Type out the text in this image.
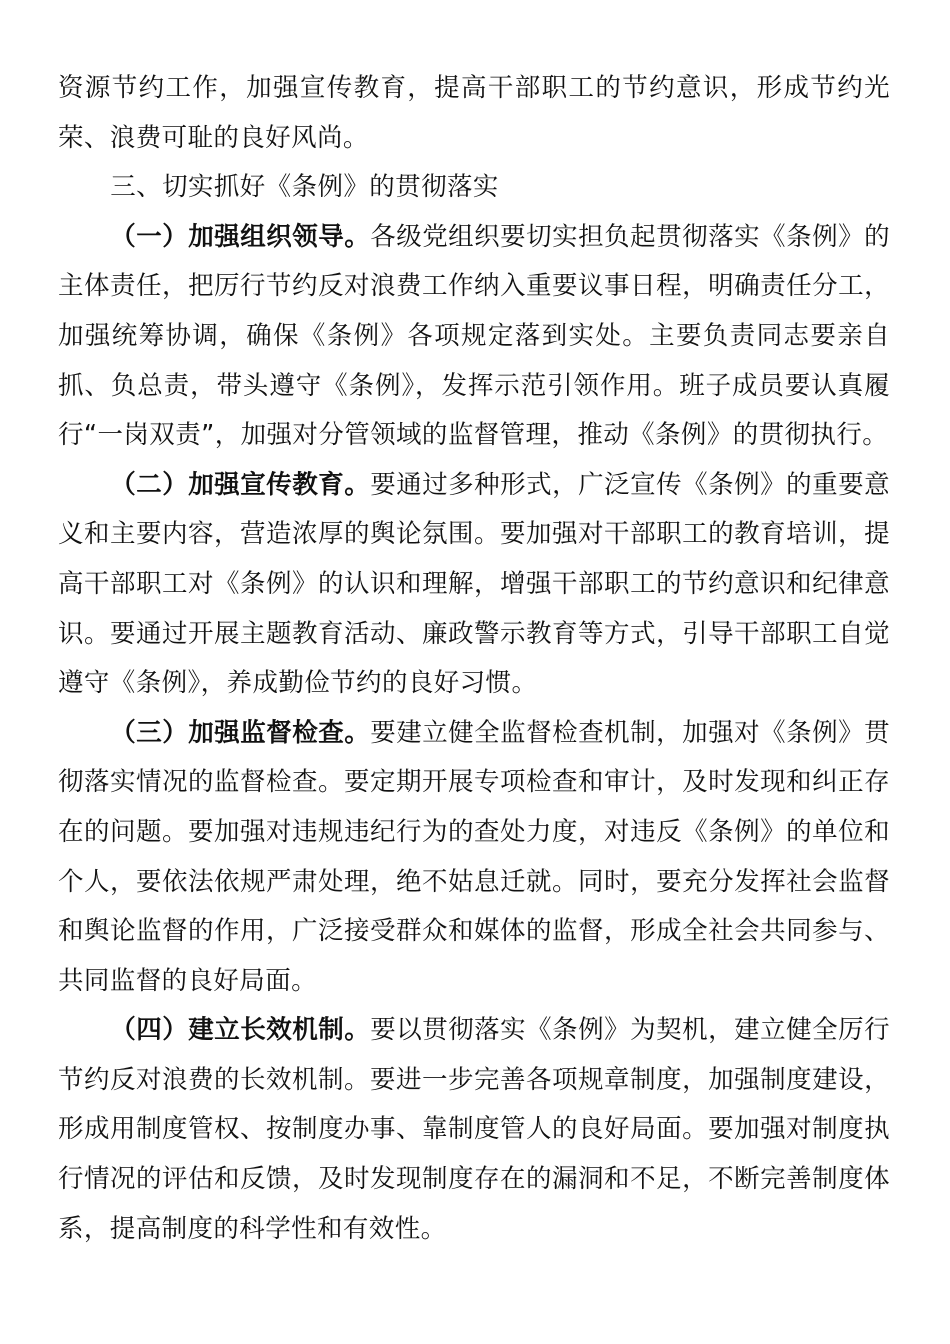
资源节约工作，加强宣传教育，提高干部职工的节约意识，形成节约光荣、浪费可耻的良好风尚。

三、切实抓好《条例》的贯彻落实

（一）加强组织领导。各级党组织要切实担负起贯彻落实《条例》的主体责任，把厉行节约反对浪费工作纳入重要议事日程，明确责任分工，加强统筹协调，确保《条例》各项规定落到实处。主要负责同志要亲自抓、负总责，带头遵守《条例》，发挥示范引领作用。班子成员要认真履行“一岗双责”，加强对分管领域的监督管理，推动《条例》的贯彻执行。

（二）加强宣传教育。要通过多种形式，广泛宣传《条例》的重要意义和主要内容，营造浓厚的舆论氛围。要加强对干部职工的教育培训，提高干部职工对《条例》的认识和理解，增强干部职工的节约意识和纪律意识。要通过开展主题教育活动、廉政警示教育等方式，引导干部职工自觉遵守《条例》，养成勤俭节约的良好习惯。

（三）加强监督检查。要建立健全监督检查机制，加强对《条例》贯彻落实情况的监督检查。要定期开展专项检查和审计，及时发现和纠正存在的问题。要加强对违规违纪行为的查处力度，对违反《条例》的单位和个人，要依法依规严肃处理，绝不姑息迁就。同时，要充分发挥社会监督和舆论监督的作用，广泛接受群众和媒体的监督，形成全社会共同参与、共同监督的良好局面。

（四）建立长效机制。要以贯彻落实《条例》为契机，建立健全厉行节约反对浪费的长效机制。要进一步完善各项规章制度，加强制度建设，形成用制度管权、按制度办事、靠制度管人的良好局面。要加强对制度执行情况的评估和反馈，及时发现制度存在的漏洞和不足，不断完善制度体系，提高制度的科学性和有效性。
